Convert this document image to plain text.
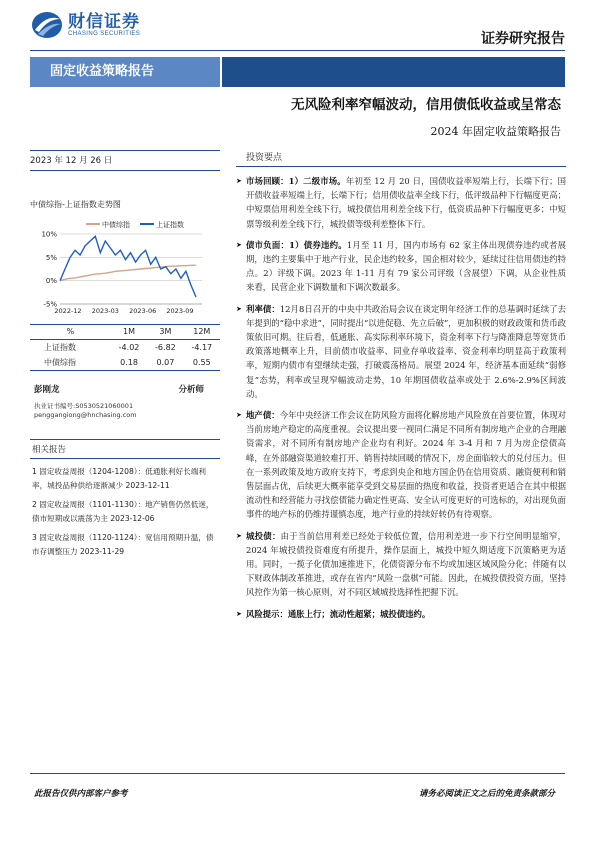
财信证券
CHASING SECURITIES	证券研究报告
固定收益策略报告
无风险利率窄幅波动，信用债低收益或呈常态
2024 年固定收益策略报告
2023 年 12 月 26 日
中债综指-上证指数走势图
中债综指	上证指数
10%
5%
0%
-5%
2022-12 2023-03 2023-06 2023-09
%	1M	3M	12M
上证指数	-4.02	-6.82	-4.17
中债综指	0.18	0.07	0.55
彭刚龙	分析师
执业证书编号:S0530521060001
penggangiong@hnchasing.com
相关报告
1 固定收益周报（1204-1208）：低通胀利好长端利率，城投品种供给逐渐减少 2023-12-11
2 固定收益周报（1101-1130）：地产销售仍然低迷，债市短期或以震荡为主 2023-12-06
3 固定收益周报（1120-1124）：宽信用预期升温，债市存调整压力 2023-11-29
投资要点
➤ 市场回顾：1）二级市场。年初至 12 月 20 日，国债收益率短端上行，长端下行；国开债收益率短端上行，长端下行；信用债收益率全线下行，低评级品种下行幅度更高；中短票信用利差全线下行，城投债信用利差全线下行，低资质品种下行幅度更多；中短票等级利差全线下行，城投债等级利差整体下行。
➤ 债市负面：1）债券违约。1月至 11 月，国内市场有 62 家主体出现债券违约或者展期，违约主要集中于地产行业，民企违约较多，国企相对较少，延续过往信用债违约特点。2）评级下调。2023 年 1-11 月有 79 家公司评级（含展望）下调，从企业性质来看，民营企业下调数量和下调次数最多。
➤ 利率债：12月8日召开的中央中共政治局会议在谈定明年经济工作的总基调时延续了去年提到的“稳中求进”，同时提出“以进促稳、先立后破”，更加积极的财政政策和货币政策依旧可期。往后看，低通胀、高实际利率环境下，资金利率下行与降准降息等宽货币政策落地概率上升，目前债市收益率、同业存单收益率、资金利率均明显高于政策利率，短期内债市有望继续走强，打破震荡格局。展望 2024 年，经济基本面延续“弱修复”态势，利率或呈现窄幅波动走势，10 年期国债收益率或处于 2.6%-2.9%区间波动。
➤ 地产债：今年中央经济工作会议在防风险方面将化解房地产风险放在首要位置，体现对当前房地产稳定的高度重视。会议提出要一视同仁满足不同所有制房地产企业的合理融资需求，对不同所有制房地产企业均有利好。2024 年 3-4 月和 7 月为房企偿债高峰，在外部融资渠道较难打开、销售持续回暖的情况下，房企面临较大的兑付压力。但在一系列政策及地方政府支持下，考虑到央企和地方国企仍在信用资质、融资便利和销售层面占优，后续更大概率能享受到交易层面的热度和收益，投资者更适合在其中根据流动性和经营能力寻找偿债能力确定性更高、安全认可度更好的可选标的，对出现负面事件的地产标的仍维持谨慎态度，地产行业的持续好转仍有待观察。
➤ 城投债：由于当前信用利差已经处于较低位置，信用利差进一步下行空间明显缩窄，2024 年城投债投资难度有所提升，操作层面上，城投中短久期适度下沉策略更为适用。同时，一揽子化债加速推进下，化债资源分布不均或加速区域风险分化；伴随有以下财政体制改革推进，或存在省内“风险一盘棋”可能。因此，在城投债投资方面，坚持风控作为第一核心原则，对不同区域城投选择性把握下沉。
➤ 风险提示：通胀上行；流动性超紧；城投债违约。
此报告仅供内部客户参考	请务必阅读正文之后的免责条款部分
